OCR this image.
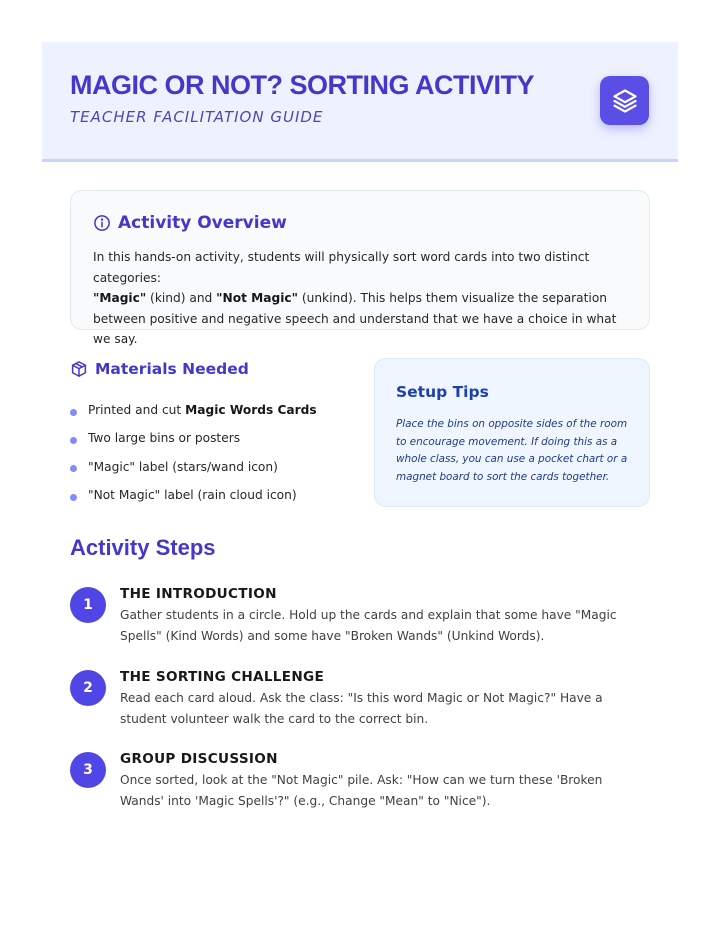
MAGIC OR NOT? SORTING ACTIVITY
TEACHER FACILITATION GUIDE
Activity Overview

In this hands-on activity, students will physically sort word cards into two distinct categories:
"Magic" (kind) and "Not Magic" (unkind). This helps them visualize the separation between positive and negative speech and understand that we have a choice in what we say.

Materials Needed
Printed and cut Magic Words Cards
Two large bins or posters
"Magic" label (stars/wand icon)
"Not Magic" label (rain cloud icon)
Setup Tips

Place the bins on opposite sides of the room to encourage movement. If doing this as a whole class, you can use a pocket chart or a magnet board to sort the cards together.

Activity Steps
1
THE INTRODUCTION

Gather students in a circle. Hold up the cards and explain that some have "Magic Spells" (Kind Words) and some have "Broken Wands" (Unkind Words).

2
THE SORTING CHALLENGE

Read each card aloud. Ask the class: "Is this word Magic or Not Magic?" Have a student volunteer walk the card to the correct bin.

3
GROUP DISCUSSION

Once sorted, look at the "Not Magic" pile. Ask: "How can we turn these 'Broken Wands' into 'Magic Spells'?" (e.g., Change "Mean" to "Nice").
